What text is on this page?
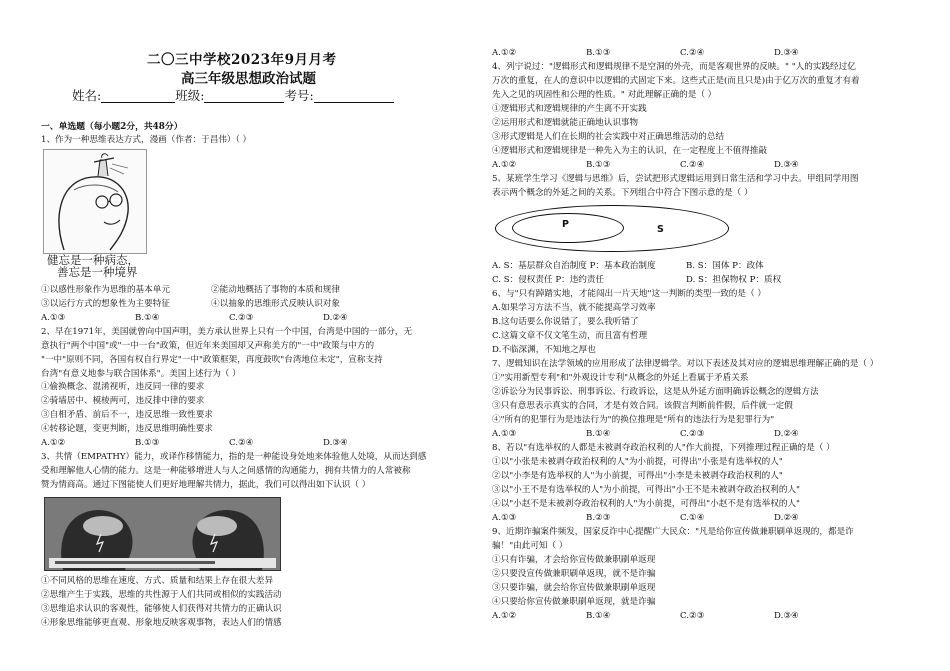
二〇三中学校2023年9月月考
高三年级思想政治试题
姓名:	班级:	考号:
一、单选题（每小题2分，共48分）
1、作为一种思维表达方式，漫画（作者：于昌伟）（ ）
健忘是一种病态，
善忘是一种境界
①以感性形象作为思维的基本单元	②能动地概括了事物的本质和规律
③以运行方式的想象性为主要特征	④以抽象的思维形式反映认识对象
A.①③	B.①④	C.②③	D.②④
2、早在1971年，美国就曾向中国声明，美方承认世界上只有一个中国，台湾是中国的一部分，无
意执行"两个中国"或"一中一台"政策，但近年来美国却又声称美方的"一中"政策与中方的
"一中"原则不同，各国有权自行界定"一中"政策框架，再度鼓吹"台湾地位未定"，宣称支持
台湾"有意义地参与联合国体系"。美国上述行为（ ）
①偷换概念、混淆视听，违反同一律的要求
②骑墙居中、模棱两可，违反排中律的要求
③自相矛盾、前后不一，违反思维一致性要求
④转移论题，变更判断，违反思维明确性要求
A.①②	B.①③	C.②④	D.③④
3、共情（EMPATHY）能力，或译作移情能力，指的是一种能设身处地来体验他人处境，从而达到感
受和理解他人心情的能力。这是一种能够增进人与人之间感情的沟通能力，拥有共情力的人常被称
赞为情商高。通过下图能使人们更好地理解共情力，据此，我们可以得出如下认识（ ）
①不同风格的思维在速度、方式、质量和结果上存在很大差异
②思维产生于实践，思维的共性源于人们共同或相似的实践活动
③思维追求认识的客观性，能够使人们获得对共情力的正确认识
④形象思维能够更直观、形象地反映客观事物，表达人们的情感
A.①②	B.①③	C.②④	D.③④
4、列宁说过："逻辑形式和逻辑规律不是空洞的外壳，而是客观世界的反映。" "人的实践经过亿
万次的重复，在人的意识中以逻辑的式固定下来。这些式正是(而且只是)由于亿万次的重复才有着
先入之见的巩固性和公理的性质。" 对此理解正确的是（ ）
①逻辑形式和逻辑规律的产生离不开实践
②运用形式和逻辑就能正确地认识事物
③形式逻辑是人们在长期的社会实践中对正确思维活动的总结
④逻辑形式和逻辑规律是一种先入为主的认识，在一定程度上不值得推敲
A.①②	B.①③	C.②④	D.③④
5、某班学生学习《逻辑与思维》后，尝试把形式逻辑运用到日常生活和学习中去。甲组同学用图
表示两个概念的外延之间的关系。下列组合中符合下图示意的是（ ）
P	S
A. S：基层群众自治制度 P：基本政治制度	B. S：国体 P：政体
C. S：侵权责任 P：违约责任	D. S：担保物权 P：质权
6、与"只有踔踏实地，才能闯出一片天地"这一判断的类型一致的是（ ）
A.如果学习方法不当，就不能提高学习效率
B.这句话要么你说错了，要么我听错了
C.这篇文章不仅文笔生动，而且富有哲理
D.不临深渊，不知地之厚也
7、逻辑知识在法学领域的应用形成了法律逻辑学。对以下表述及其对应的逻辑思维理解正确的是（ ）
①"实用新型专利"和"外观设计专利"从概念的外延上看属于矛盾关系
②诉讼分为民事诉讼、刑事诉讼、行政诉讼，这是从外延方面明确诉讼概念的逻辑方法
③只有意思表示真实的合同，才是有效合同。该假言判断前件假，后件就一定假
④"所有的犯罪行为是违法行为"的换位推理是"所有的违法行为是犯罪行为"
A.①③	B.①④	C.②③	D.②④
8、若以"有选举权的人都是未被剥夺政治权利的人"作大前提，下列推理过程正确的是（ ）
①以"小张是未被剥夺政治权利的人"为小前提，可得出"小张是有选举权的人"
②以"小李是有选举权的人"为小前提，可得出"小李是未被剥夺政治权利的人"
③以"小王不是有选举权的人"为小前提，可得出"小王不是未被剥夺政治权利的人"
④以"小赵不是未被剥夺政治权利的人"为小前提，可得出"小赵不是有选举权的人"
A.①③	B.②③	C.①④	D.②④
9、近期诈骗案件频发，国家反诈中心提醒广大民众："凡是给你宣传做兼职刷单返现的，都是诈
骗！"由此可知（ ）
①只有诈骗，才会给你宣传做兼职刷单返现
②只要没宣传做兼职刷单返现，就不是诈骗
③只要诈骗，就会给你宣传做兼职刷单返现
④只要给你宣传做兼职刷单返现，就是诈骗
A.①②	B.①④	C.②③	D.③④
